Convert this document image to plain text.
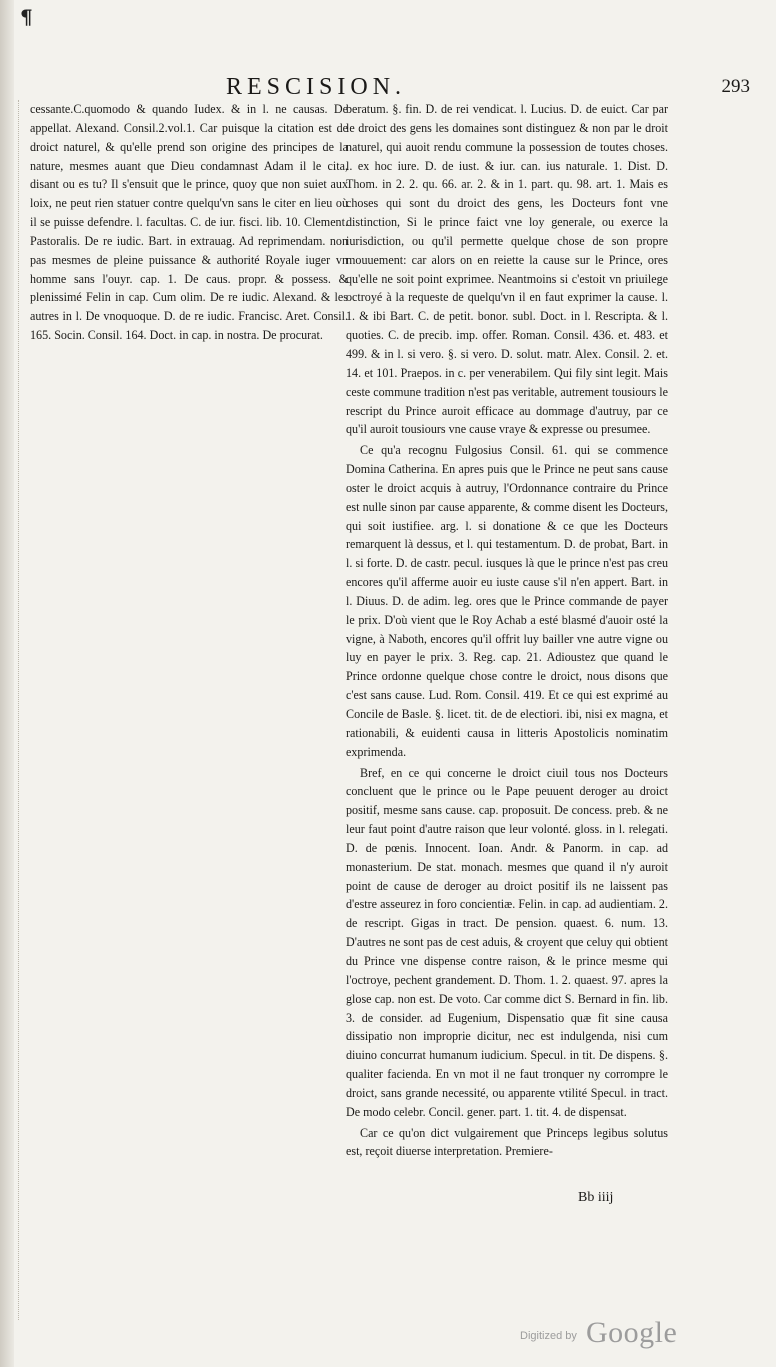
¶
RESCISION.	293

cessante.C.quomodo & quando Iudex. & in l. ne causas. De appellat. Alexand. Consil.2.vol.1. Car puisque la citation est de droict naturel, & qu'elle prend son origine des principes de la nature, mesmes auant que Dieu condamnast Adam il le cita, disant ou es tu? Il s'ensuit que le prince, quoy que non suiet aux loix, ne peut rien statuer contre quelqu'vn sans le citer en lieu où il se puisse defendre. l. facultas. C. de iur. fisci. lib. 10. Clement. Pastoralis. De re iudic. Bart. in extrauag. Ad reprimendam. non pas mesmes de pleine puissance & authorité Royale iuger vn homme sans l'ouyr. cap. 1. De caus. propr. & possess. & plenissimé Felin in cap. Cum olim. De re iudic. Alexand. & les autres in l. De vnoquoque. D. de re iudic. Francisc. Aret. Consil. 165. Socin. Consil. 164. Doct. in cap. in nostra. De procurat.

beratum. §. fin. D. de rei vendicat. l. Lucius. D. de euict. Car par le droict des gens les domaines sont distinguez & non par le droit naturel, qui auoit rendu commune la possession de toutes choses. l. ex hoc iure. D. de iust. & iur. can. ius naturale. 1. Dist. D. Thom. in 2. 2. qu. 66. ar. 2. & in 1. part. qu. 98. art. 1. Mais es choses qui sont du droict des gens, les Docteurs font vne distinction, Si le prince faict vne loy generale, ou exerce la iurisdiction, ou qu'il permette quelque chose de son propre mouuement: car alors on en reiette la cause sur le Prince, ores qu'elle ne soit point exprimee. Neantmoins si c'estoit vn priuilege octroyé à la requeste de quelqu'vn il en faut exprimer la cause. l. 1. & ibi Bart. C. de petit. bonor. subl. Doct. in l. Rescripta. & l. quoties. C. de precib. imp. offer. Roman. Consil. 436. et. 483. et 499. & in l. si vero. §. si vero. D. solut. matr. Alex. Consil. 2. et. 14. et 101. Praepos. in c. per venerabilem. Qui fily sint legit. Mais ceste commune tradition n'est pas veritable, autrement tousiours le rescript du Prince auroit efficace au dommage d'autruy, par ce qu'il auroit tousiours vne cause vraye & expresse ou presumee.

Ce qu'a recognu Fulgosius Consil. 61. qui se commence Domina Catherina. En apres puis que le Prince ne peut sans cause oster le droict acquis à autruy, l'Ordonnance contraire du Prince est nulle sinon par cause apparente, & comme disent les Docteurs, qui soit iustifiee. arg. l. si donatione & ce que les Docteurs remarquent là dessus, et l. qui testamentum. D. de probat, Bart. in l. si forte. D. de castr. pecul. iusques là que le prince n'est pas creu encores qu'il afferme auoir eu iuste cause s'il n'en appert. Bart. in l. Diuus. D. de adim. leg. ores que le Prince commande de payer le prix. D'où vient que le Roy Achab a esté blasmé d'auoir osté la vigne, à Naboth, encores qu'il offrit luy bailler vne autre vigne ou luy en payer le prix. 3. Reg. cap. 21. Adioustez que quand le Prince ordonne quelque chose contre le droict, nous disons que c'est sans cause. Lud. Rom. Consil. 419. Et ce qui est exprimé au Concile de Basle. §. licet. tit. de de electiori. ibi, nisi ex magna, et rationabili, & euidenti causa in litteris Apostolicis nominatim exprimenda.

Bref, en ce qui concerne le droict ciuil tous nos Docteurs concluent que le prince ou le Pape peuuent deroger au droict positif, mesme sans cause. cap. proposuit. De concess. preb. & ne leur faut point d'autre raison que leur volonté. gloss. in l. relegati. D. de pœnis. Innocent. Ioan. Andr. & Panorm. in cap. ad monasterium. De stat. monach. mesmes que quand il n'y auroit point de cause de deroger au droict positif ils ne laissent pas d'estre asseurez in foro concientiæ. Felin. in cap. ad audientiam. 2. de rescript. Gigas in tract. De pension. quaest. 6. num. 13. D'autres ne sont pas de cest aduis, & croyent que celuy qui obtient du Prince vne dispense contre raison, & le prince mesme qui l'octroye, pechent grandement. D. Thom. 1. 2. quaest. 97. apres la glose cap. non est. De voto. Car comme dict S. Bernard in fin. lib. 3. de consider. ad Eugenium, Dispensatio quæ fit sine causa dissipatio non improprie dicitur, nec est indulgenda, nisi cum diuino concurrat humanum iudicium. Specul. in tit. De dispens. §. qualiter facienda. En vn mot il ne faut tronquer ny corrompre le droict, sans grande necessité, ou apparente vtilité Specul. in tract. De modo celebr. Concil. gener. part. 1. tit. 4. de dispensat.

Car ce qu'on dict vulgairement que Princeps legibus solutus est, reçoit diuerse interpretation. Premiere-

Bb iiij
Digitized by Google
